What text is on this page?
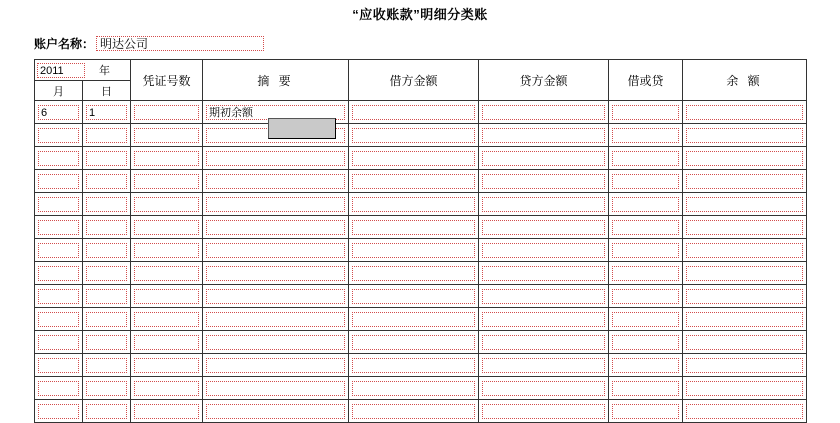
“应收账款”明细分类账
账户名称： 明达公司
2011 年		凭证号数	摘 要	借方金额	贷方金额	借或贷	余 额
月	日						

6	1		期初余额				
